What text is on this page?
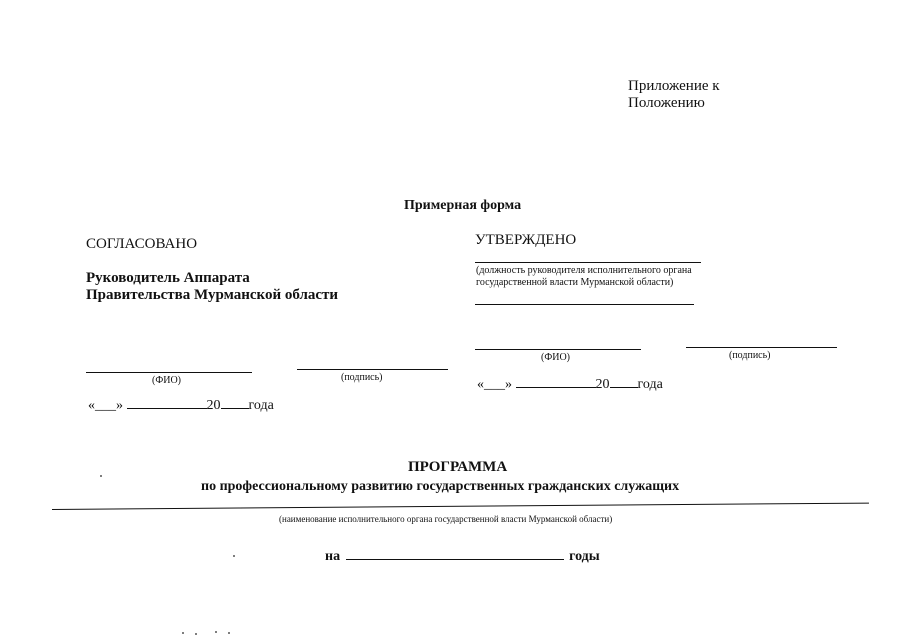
Приложение к
Положению
Примерная форма
СОГЛАСОВАНО
Руководитель Аппарата
Правительства Мурманской области
(ФИО)	(подпись)
«___»	20 года
УТВЕРЖДЕНО
(должность руководителя исполнительного органа
государственной власти Мурманской области)
(ФИО)	(подпись)
«___»	20 года
ПРОГРАММА
по профессиональному развитию государственных гражданских служащих
(наименование исполнительного органа государственной власти Мурманской области)
на	годы
